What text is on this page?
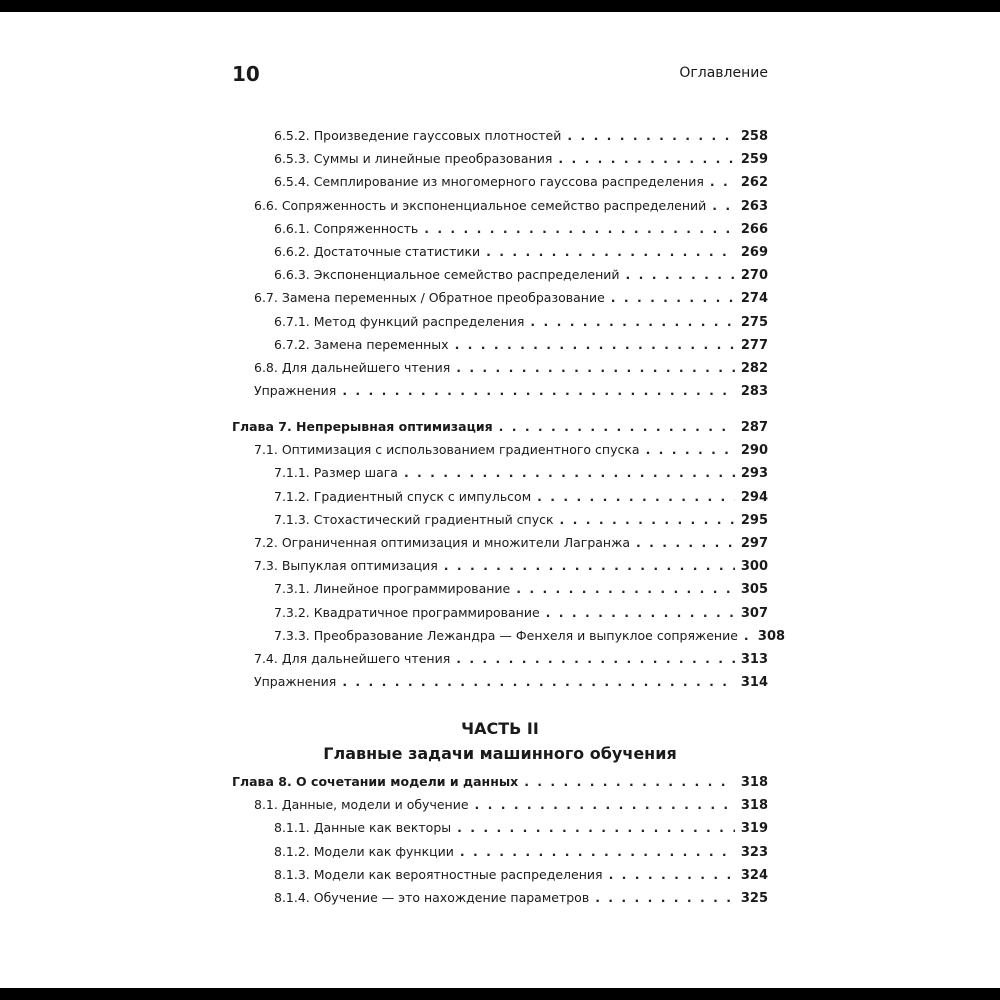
10	Оглавление
6.5.2. Произведение гауссовых плотностей . . .	258
6.5.3. Суммы и линейные преобразования . . .	259
6.5.4. Семплирование из многомерного гауссова распределения . . .	262
6.6. Сопряженность и экспоненциальное семейство распределений . . .	263
6.6.1. Сопряженность . . .	266
6.6.2. Достаточные статистики . . .	269
6.6.3. Экспоненциальное семейство распределений . . .	270
6.7. Замена переменных / Обратное преобразование . . .	274
6.7.1. Метод функций распределения . . .	275
6.7.2. Замена переменных . . .	277
6.8. Для дальнейшего чтения . . .	282
Упражнения . . .	283
Глава 7. Непрерывная оптимизация . . .	287
7.1. Оптимизация с использованием градиентного спуска . . .	290
7.1.1. Размер шага . . .	293
7.1.2. Градиентный спуск с импульсом . . .	294
7.1.3. Стохастический градиентный спуск . . .	295
7.2. Ограниченная оптимизация и множители Лагранжа . . .	297
7.3. Выпуклая оптимизация . . .	300
7.3.1. Линейное программирование . . .	305
7.3.2. Квадратичное программирование . . .	307
7.3.3. Преобразование Лежандра — Фенхеля и выпуклое сопряжение . . . 308
7.4. Для дальнейшего чтения . . .	313
Упражнения . . .	314
Глава 8. О сочетании модели и данных . . .	318
8.1. Данные, модели и обучение . . .	318
8.1.1. Данные как векторы . . .	319
8.1.2. Модели как функции . . .	323
8.1.3. Модели как вероятностные распределения . . .	324
8.1.4. Обучение — это нахождение параметров . . .	325
ЧАСТЬ II
Главные задачи машинного обучения
